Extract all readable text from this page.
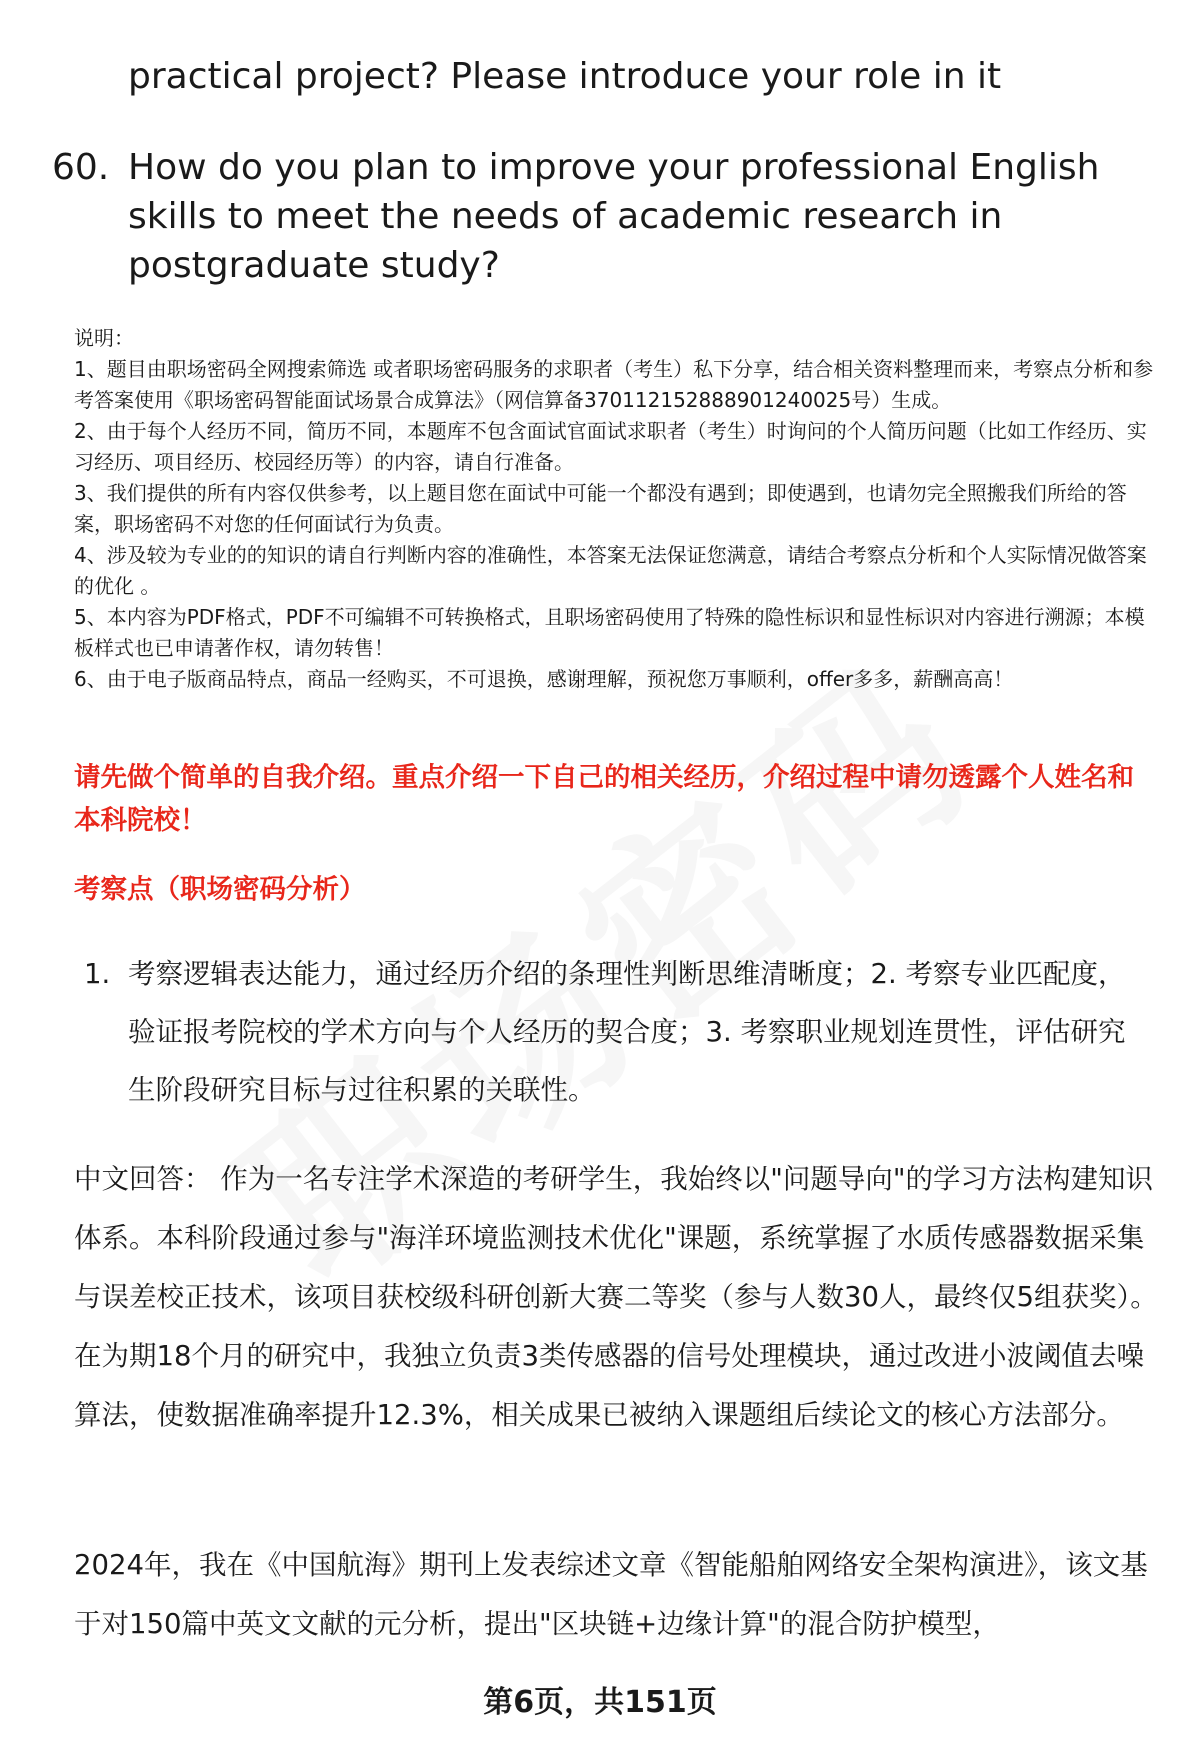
practical project? Please introduce your role in it
60. How do you plan to improve your professional English skills to meet the needs of academic research in postgraduate study?
说明：
1、题目由职场密码全网搜索筛选 或者职场密码服务的求职者（考生）私下分享，结合相关资料整理而来，考察点分析和参考答案使用《职场密码智能面试场景合成算法》（网信算备370112152888901240025号）生成。
2、由于每个人经历不同，简历不同，本题库不包含面试官面试求职者（考生）时询问的个人简历问题（比如工作经历、实习经历、项目经历、校园经历等）的内容，请自行准备。
3、我们提供的所有内容仅供参考，以上题目您在面试中可能一个都没有遇到；即使遇到，也请勿完全照搬我们所给的答案，职场密码不对您的任何面试行为负责。
4、涉及较为专业的的知识的请自行判断内容的准确性，本答案无法保证您满意，请结合考察点分析和个人实际情况做答案的优化 。
5、本内容为PDF格式，PDF不可编辑不可转换格式，且职场密码使用了特殊的隐性标识和显性标识对内容进行溯源；本模板样式也已申请著作权，请勿转售！
6、由于电子版商品特点，商品一经购买，不可退换，感谢理解，预祝您万事顺利，offer多多，薪酬高高！
请先做个简单的自我介绍。重点介绍一下自己的相关经历，介绍过程中请勿透露个人姓名和本科院校！
考察点（职场密码分析）
1. 考察逻辑表达能力，通过经历介绍的条理性判断思维清晰度；2. 考察专业匹配度，验证报考院校的学术方向与个人经历的契合度；3. 考察职业规划连贯性，评估研究生阶段研究目标与过往积累的关联性。
中文回答： 作为一名专注学术深造的考研学生，我始终以"问题导向"的学习方法构建知识体系。本科阶段通过参与"海洋环境监测技术优化"课题，系统掌握了水质传感器数据采集与误差校正技术，该项目获校级科研创新大赛二等奖（参与人数30人，最终仅5组获奖）。在为期18个月的研究中，我独立负责3类传感器的信号处理模块，通过改进小波阈值去噪算法，使数据准确率提升12.3%，相关成果已被纳入课题组后续论文的核心方法部分。
2024年，我在《中国航海》期刊上发表综述文章《智能船舶网络安全架构演进》，该文基于对150篇中英文文献的元分析，提出"区块链+边缘计算"的混合防护模型，
第6页，共151页
